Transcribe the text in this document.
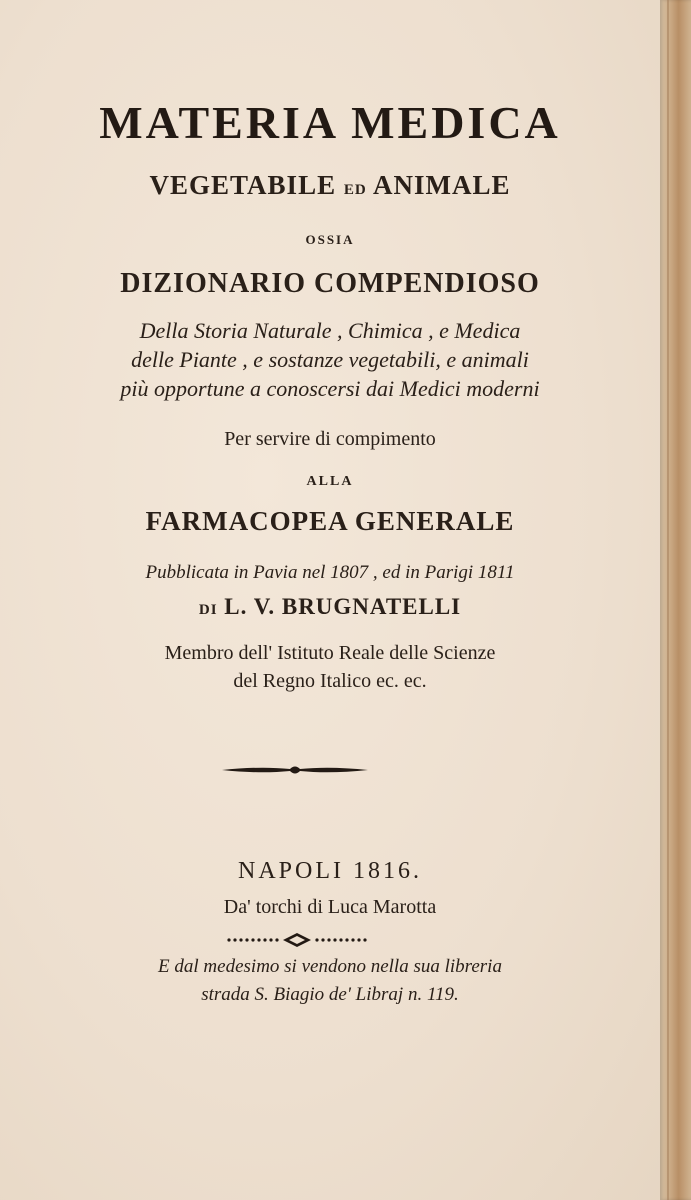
MATERIA MEDICA
VEGETABILE ED ANIMALE
OSSIA
DIZIONARIO COMPENDIOSO
Della Storia Naturale , Chimica , e Medica
delle Piante , e sostanze vegetabili, e animali
più opportune a conoscersi dai Medici moderni
Per servire di compimento
ALLA
FARMACOPEA GENERALE
Pubblicata in Pavia nel 1807 , ed in Parigi 1811
DI L. V. BRUGNATELLI
Membro dell' Istituto Reale delle Scienze
del Regno Italico ec. ec.
NAPOLI 1816.
Da' torchi di Luca Marotta
E dal medesimo si vendono nella sua libreria
strada S. Biagio de' Libraj n. 119.
